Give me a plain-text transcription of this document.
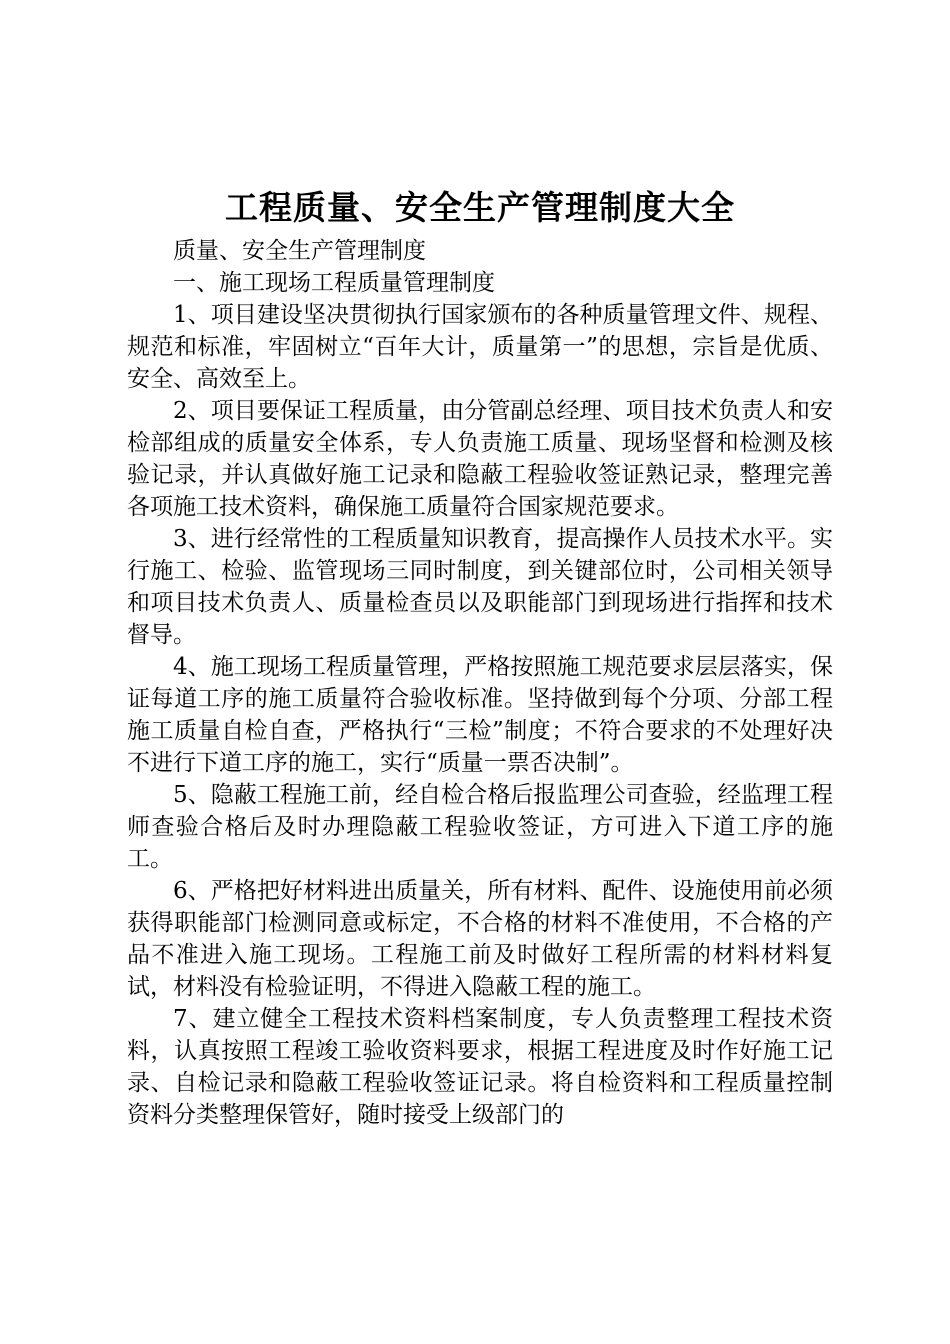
工程质量、安全生产管理制度大全

质量、安全生产管理制度

一、施工现场工程质量管理制度

1、项目建设坚决贯彻执行国家颁布的各种质量管理文件、规程、规范和标准，牢固树立“百年大计，质量第一”的思想，宗旨是优质、安全、高效至上。

2、项目要保证工程质量，由分管副总经理、项目技术负责人和安检部组成的质量安全体系，专人负责施工质量、现场坚督和检测及核验记录，并认真做好施工记录和隐蔽工程验收签证熟记录，整理完善各项施工技术资料，确保施工质量符合国家规范要求。

3、进行经常性的工程质量知识教育，提高操作人员技术水平。实行施工、检验、监管现场三同时制度，到关键部位时，公司相关领导和项目技术负责人、质量检查员以及职能部门到现场进行指挥和技术督导。

4、施工现场工程质量管理，严格按照施工规范要求层层落实，保证每道工序的施工质量符合验收标准。坚持做到每个分项、分部工程施工质量自检自查，严格执行“三检”制度；不符合要求的不处理好决不进行下道工序的施工，实行“质量一票否决制”。

5、隐蔽工程施工前，经自检合格后报监理公司查验，经监理工程师查验合格后及时办理隐蔽工程验收签证，方可进入下道工序的施工。

6、严格把好材料进出质量关，所有材料、配件、设施使用前必须获得职能部门检测同意或标定，不合格的材料不准使用，不合格的产品不准进入施工现场。工程施工前及时做好工程所需的材料材料复试，材料没有检验证明，不得进入隐蔽工程的施工。

7、建立健全工程技术资料档案制度，专人负责整理工程技术资料，认真按照工程竣工验收资料要求，根据工程进度及时作好施工记录、自检记录和隐蔽工程验收签证记录。将自检资料和工程质量控制资料分类整理保管好，随时接受上级部门的
